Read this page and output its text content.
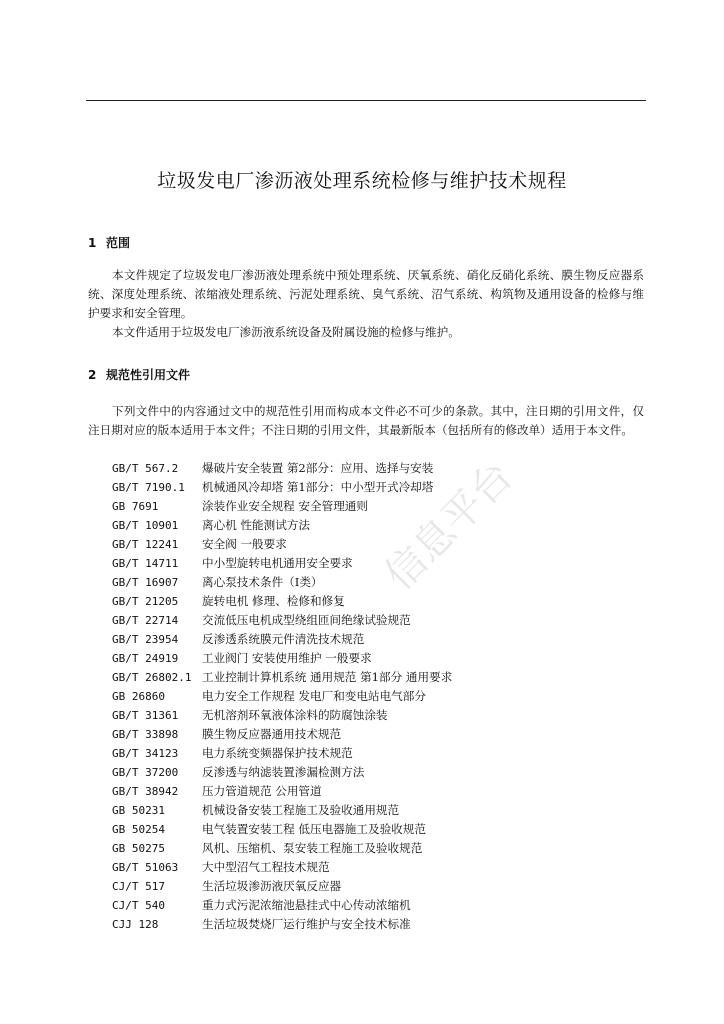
垃圾发电厂渗沥液处理系统检修与维护技术规程
信息平台
1 范围

本文件规定了垃圾发电厂渗沥液处理系统中预处理系统、厌氧系统、硝化反硝化系统、膜生物反应器系统、深度处理系统、浓缩液处理系统、污泥处理系统、臭气系统、沼气系统、构筑物及通用设备的检修与维护要求和安全管理。

本文件适用于垃圾发电厂渗沥液系统设备及附属设施的检修与维护。

2 规范性引用文件

下列文件中的内容通过文中的规范性引用而构成本文件必不可少的条款。其中，注日期的引用文件，仅注日期对应的版本适用于本文件；不注日期的引用文件，其最新版本（包括所有的修改单）适用于本文件。

GB/T 567.2 爆破片安全装置 第2部分：应用、选择与安装
GB/T 7190.1 机械通风冷却塔 第1部分：中小型开式冷却塔
GB 7691	涂装作业安全规程 安全管理通则
GB/T 10901 离心机 性能测试方法
GB/T 12241 安全阀 一般要求
GB/T 14711 中小型旋转电机通用安全要求
GB/T 16907 离心泵技术条件（Ⅰ类）
GB/T 21205 旋转电机 修理、检修和修复
GB/T 22714 交流低压电机成型绕组匝间绝缘试验规范
GB/T 23954 反渗透系统膜元件清洗技术规范
GB/T 24919 工业阀门 安装使用维护 一般要求
GB/T 26802.1 工业控制计算机系统 通用规范 第1部分 通用要求
GB 26860	电力安全工作规程 发电厂和变电站电气部分
GB/T 31361 无机溶剂环氧液体涂料的防腐蚀涂装
GB/T 33898 膜生物反应器通用技术规范
GB/T 34123 电力系统变频器保护技术规范
GB/T 37200 反渗透与纳滤装置渗漏检测方法
GB/T 38942 压力管道规范 公用管道
GB 50231	机械设备安装工程施工及验收通用规范
GB 50254	电气装置安装工程 低压电器施工及验收规范
GB 50275	风机、压缩机、泵安装工程施工及验收规范
GB/T 51063 大中型沼气工程技术规范
CJ/T 517	生活垃圾渗沥液厌氧反应器
CJ/T 540	重力式污泥浓缩池悬挂式中心传动浓缩机
CJJ 128	生活垃圾焚烧厂运行维护与安全技术标准
